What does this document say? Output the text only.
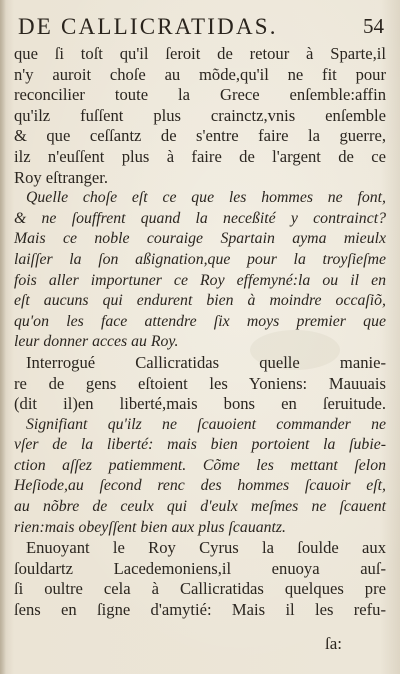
DE CALLICRATIDAS.	54
que ſi toſt qu'il ſeroit de retour à Sparte,il
n'y auroit choſe au mõde,qu'il ne fit pour
reconcilier toute la Grece enſemble:affin
qu'ilz fuſſent plus crainctz,vnis enſemble
& que ceſſantz de s'entre faire la guerre,
ilz n'euſſent plus à faire de l'argent de ce
Roy eſtranger.
Quelle choſe eſt ce que les hommes ne font,
& ne ſouffrent quand la neceßité y contrainct?
Mais ce noble couraige Spartain ayma mieulx
laiſſer la ſon aßignation,que pour la troyſieſme
fois aller importuner ce Roy effemyné:la ou il en
eſt aucuns qui endurent bien à moindre occaſiõ,
qu'on les face attendre ſix moys premier que
leur donner acces au Roy.
Interrogué Callicratidas quelle manie-
re de gens eſtoient les Yoniens: Mauuais
(dit il)en liberté,mais bons en ſeruitude.
Signifiant qu'ilz ne ſcauoient commander ne
vſer de la liberté: mais bien portoient la ſubie-
ction aſſez patiemment. Cõme les mettant ſelon
Heſiode,au ſecond renc des hommes ſcauoir eſt,
au nõbre de ceulx qui d'eulx meſmes ne ſcauent
rien:mais obeyſſent bien aux plus ſcauantz.
Enuoyant le Roy Cyrus la ſoulde aux
ſouldartz Lacedemoniens,il enuoya auſ-
ſi oultre cela à Callicratidas quelques pre
ſens en ſigne d'amytié: Mais il les refu-
ſa:
